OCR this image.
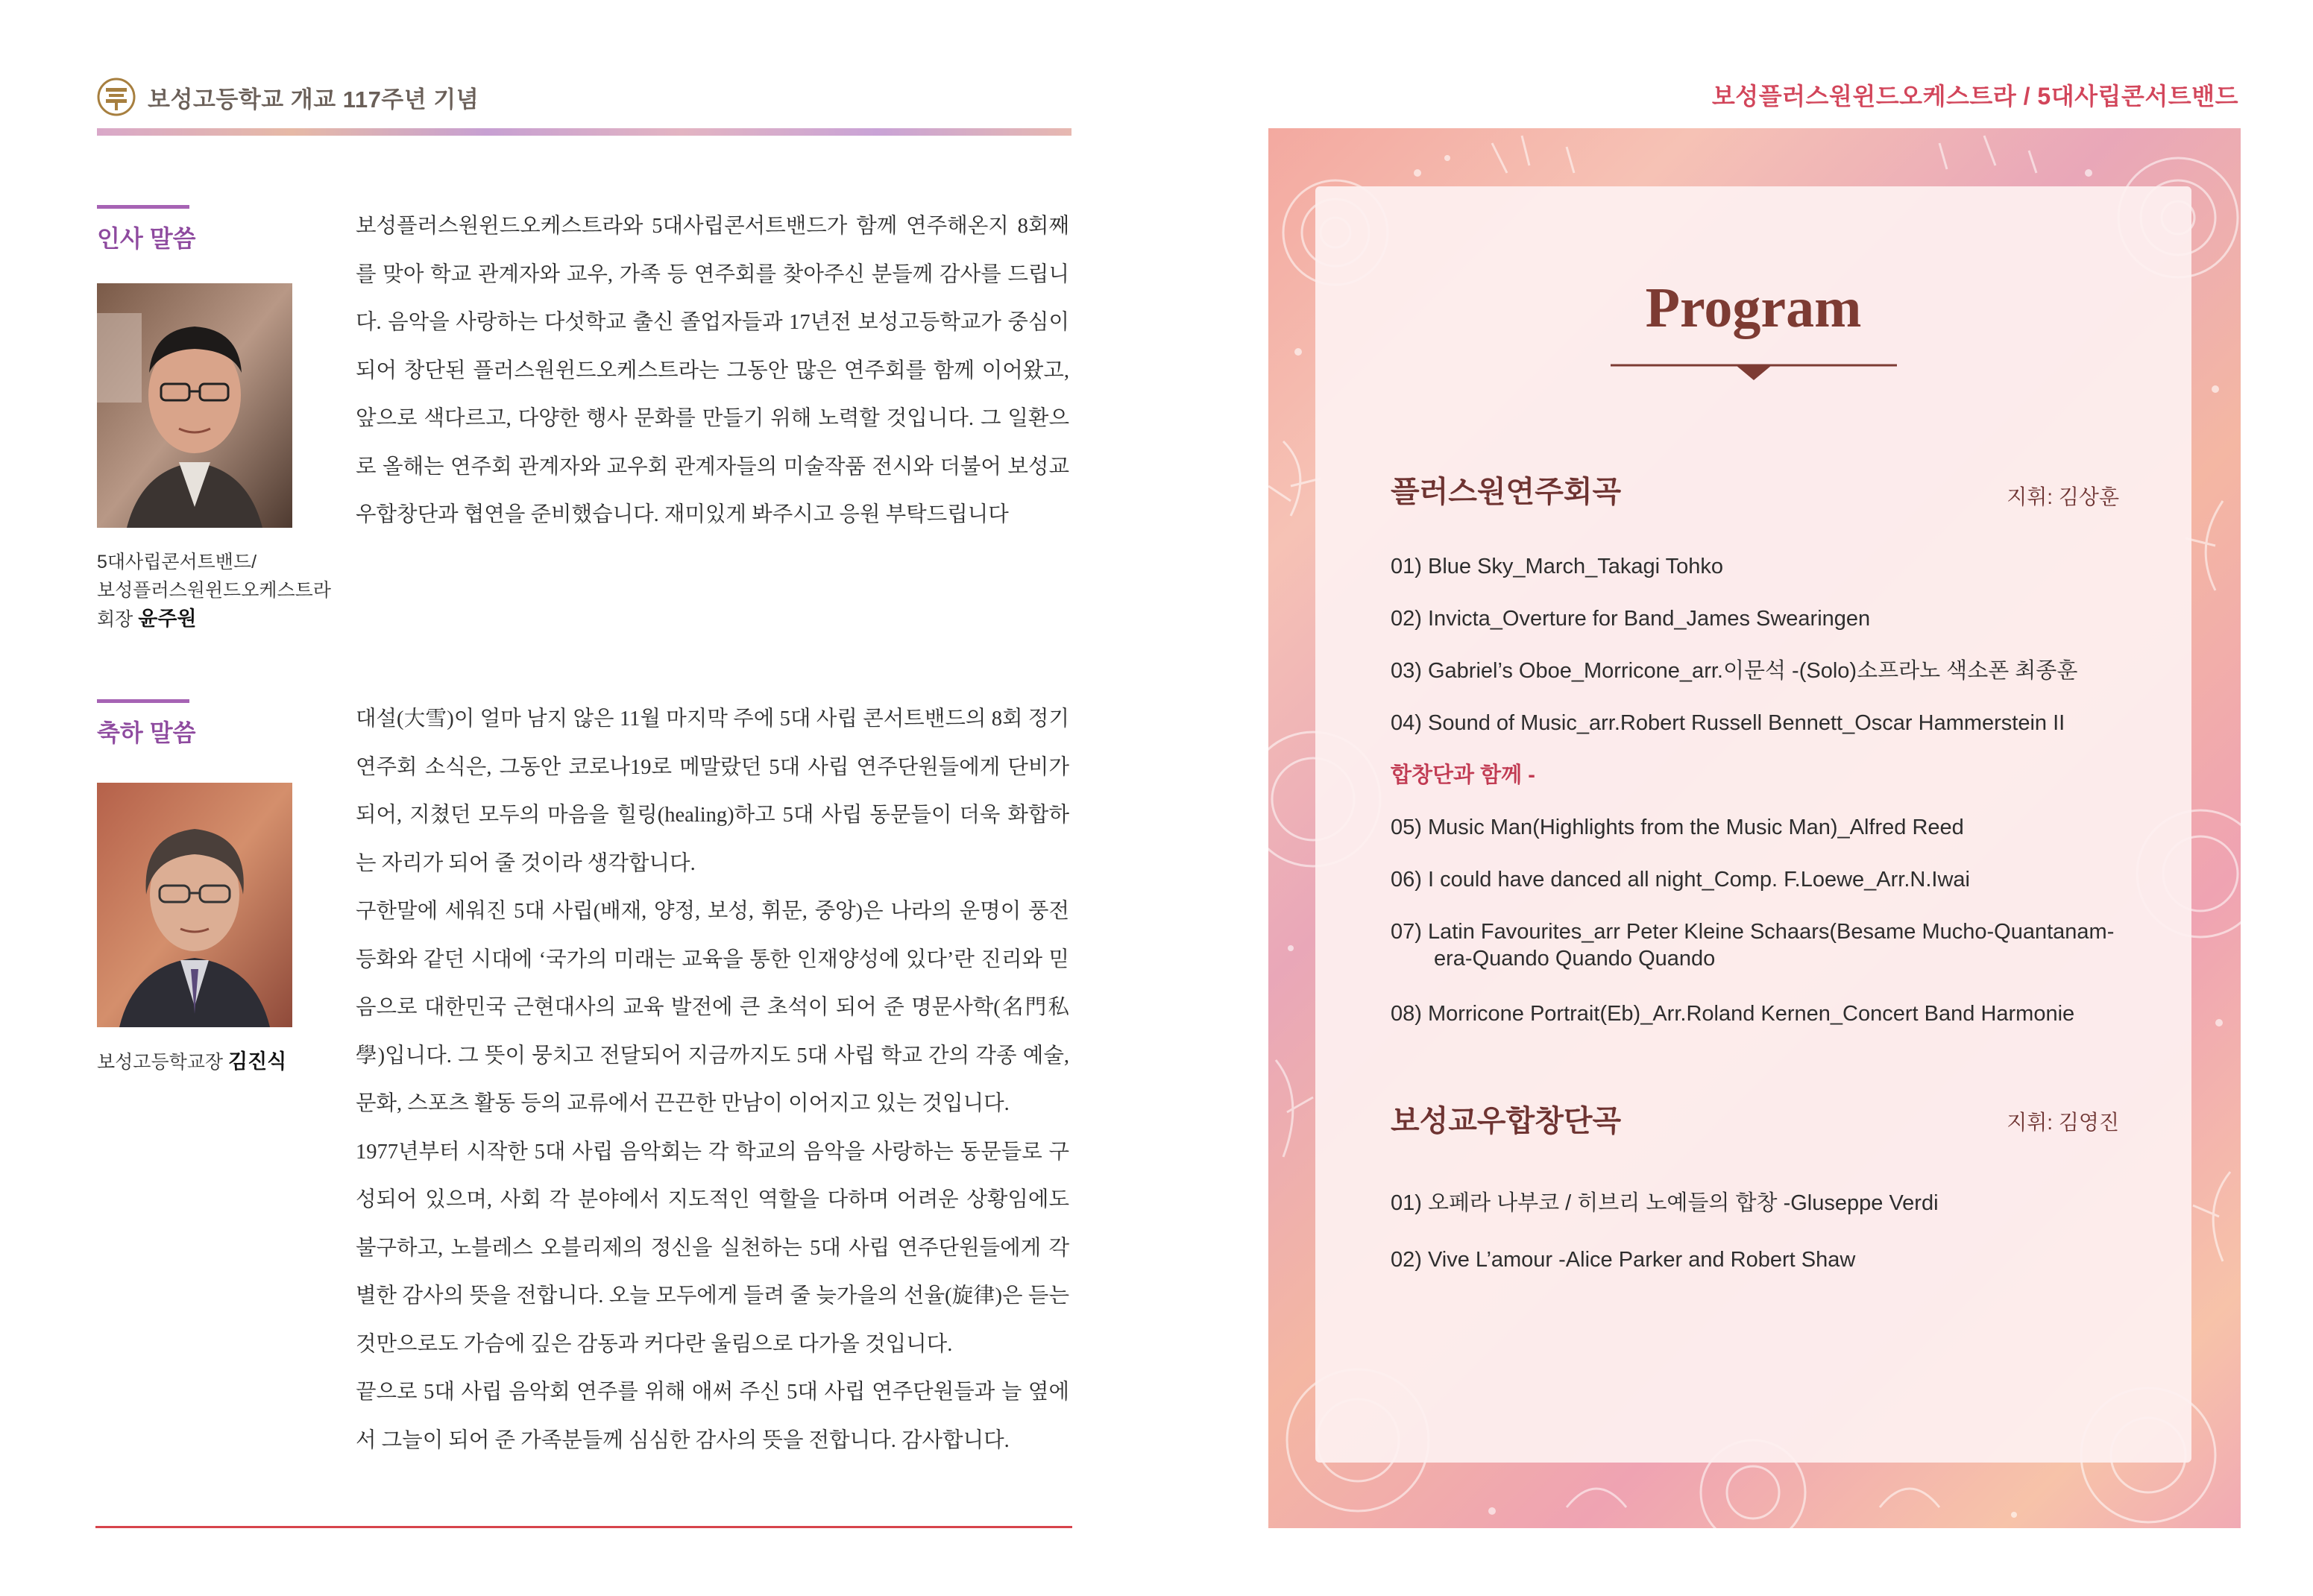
보성고등학교 개교 117주년 기념
인사 말씀
5대사립콘서트밴드/
보성플러스원윈드오케스트라
회장 윤주원

보성플러스원윈드오케스트라와 5대사립콘서트밴드가 함께 연주해온지 8회째를 맞아 학교 관계자와 교우, 가족 등 연주회를 찾아주신 분들께 감사를 드립니다. 음악을 사랑하는 다섯학교 출신 졸업자들과 17년전 보성고등학교가 중심이 되어 창단된 플러스원윈드오케스트라는 그동안 많은 연주회를 함께 이어왔고, 앞으로 색다르고, 다양한 행사 문화를 만들기 위해 노력할 것입니다. 그 일환으로 올해는 연주회 관계자와 교우회 관계자들의 미술작품 전시와 더불어 보성교우합창단과 협연을 준비했습니다. 재미있게 봐주시고 응원 부탁드립니다

축하 말씀
보성고등학교장 김진식

대설(大雪)이 얼마 남지 않은 11월 마지막 주에 5대 사립 콘서트밴드의 8회 정기연주회 소식은, 그동안 코로나19로 메말랐던 5대 사립 연주단원들에게 단비가 되어, 지쳤던 모두의 마음을 힐링(healing)하고 5대 사립 동문들이 더욱 화합하는 자리가 되어 줄 것이라 생각합니다.

구한말에 세워진 5대 사립(배재, 양정, 보성, 휘문, 중앙)은 나라의 운명이 풍전등화와 같던 시대에 ‘국가의 미래는 교육을 통한 인재양성에 있다’란 진리와 믿음으로 대한민국 근현대사의 교육 발전에 큰 초석이 되어 준 명문사학(名門私學)입니다. 그 뜻이 뭉치고 전달되어 지금까지도 5대 사립 학교 간의 각종 예술, 문화, 스포츠 활동 등의 교류에서 끈끈한 만남이 이어지고 있는 것입니다.

1977년부터 시작한 5대 사립 음악회는 각 학교의 음악을 사랑하는 동문들로 구성되어 있으며, 사회 각 분야에서 지도적인 역할을 다하며 어려운 상황임에도 불구하고, 노블레스 오블리제의 정신을 실천하는 5대 사립 연주단원들에게 각별한 감사의 뜻을 전합니다. 오늘 모두에게 들려 줄 늦가을의 선율(旋律)은 듣는 것만으로도 가슴에 깊은 감동과 커다란 울림으로 다가올 것입니다.

끝으로 5대 사립 음악회 연주를 위해 애써 주신 5대 사립 연주단원들과 늘 옆에서 그늘이 되어 준 가족분들께 심심한 감사의 뜻을 전합니다. 감사합니다.

보성플러스원윈드오케스트라 / 5대사립콘서트밴드
Program
플러스원연주회곡	지휘: 김상훈
01) Blue Sky_March_Takagi Tohko
02) Invicta_Overture for Band_James Swearingen
03) Gabriel’s Oboe_Morricone_arr.이문석 -(Solo)소프라노 색소폰 최종훈
04) Sound of Music_arr.Robert Russell Bennett_Oscar Hammerstein II
합창단과 함께 -
05) Music Man(Highlights from the Music Man)_Alfred Reed
06) I could have danced all night_Comp. F.Loewe_Arr.N.Iwai
07) Latin Favourites_arr Peter Kleine Schaars(Besame Mucho-Quantanam-
era-Quando Quando Quando
08) Morricone Portrait(Eb)_Arr.Roland Kernen_Concert Band Harmonie
보성교우합창단곡	지휘: 김영진
01) 오페라 나부코 / 히브리 노예들의 합창 -Gluseppe Verdi
02) Vive L’amour -Alice Parker and Robert Shaw
